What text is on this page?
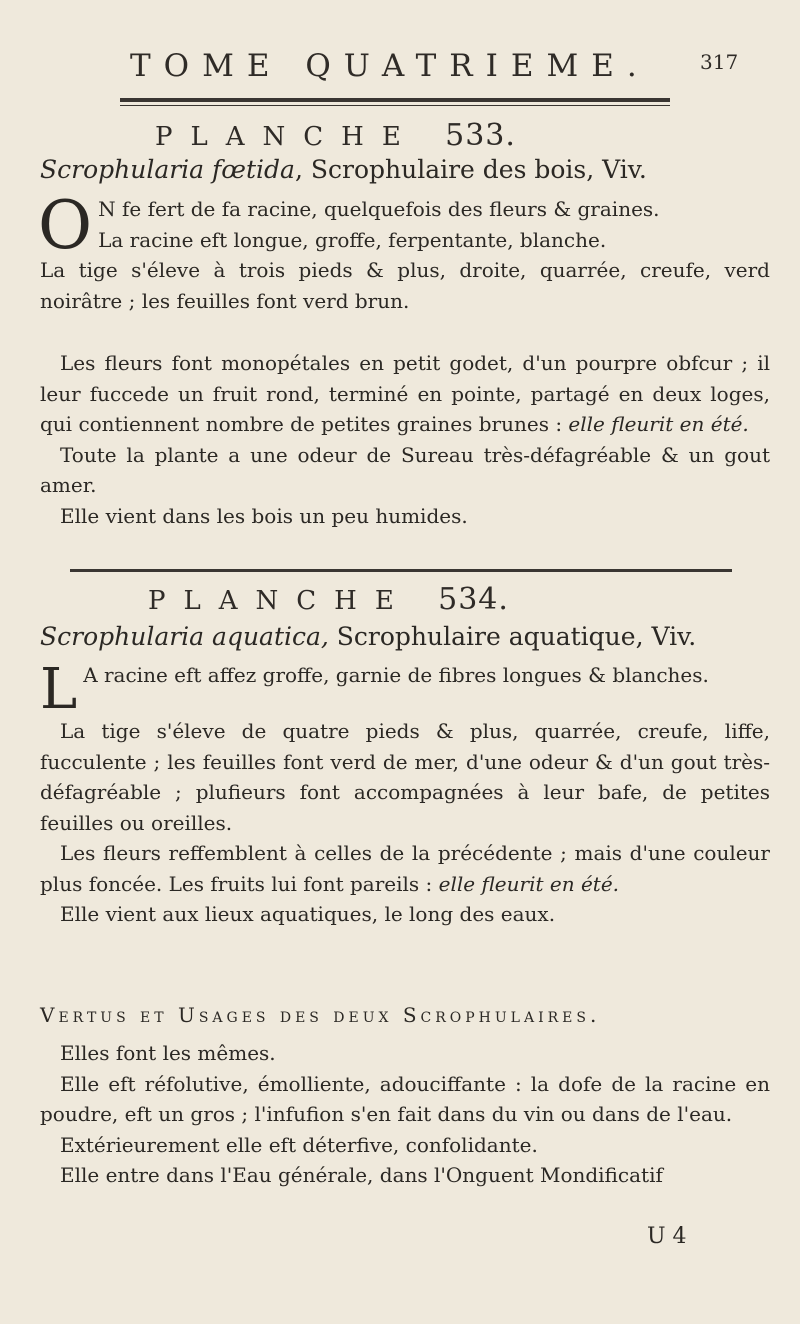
TOME QUATRIEME.	317
PLANCHE 533.
Scrophularia fœtida, Scrophulaire des bois, Viv.

O N fe fert de fa racine, quelquefois des fleurs & graines.
La racine eft longue, groffe, ferpentante, blanche.

La tige s'éleve à trois pieds & plus, droite, quarrée, creufe, verd noirâtre ; les feuilles font verd brun.

Les fleurs font monopétales en petit godet, d'un pourpre obfcur ; il leur fuccede un fruit rond, terminé en pointe, partagé en deux loges, qui contiennent nombre de petites graines brunes : elle fleurit en été.

Toute la plante a une odeur de Sureau très-défagréable & un gout amer.

Elle vient dans les bois un peu humides.

PLANCHE 534.
Scrophularia aquatica, Scrophulaire aquatique, Viv.

L A racine eft affez groffe, garnie de fibres longues & blanches.

La tige s'éleve de quatre pieds & plus, quarrée, creufe, liffe, fucculente ; les feuilles font verd de mer, d'une odeur & d'un gout très-défagréable ; plufieurs font accompagnées à leur bafe, de petites feuilles ou oreilles.

Les fleurs reffemblent à celles de la précédente ; mais d'une couleur plus foncée. Les fruits lui font pareils : elle fleurit en été.

Elle vient aux lieux aquatiques, le long des eaux.

Vertus et Usages des deux Scrophulaires.

Elles font les mêmes.

Elle eft réfolutive, émolliente, adouciffante : la dofe de la racine en poudre, eft un gros ; l'infufion s'en fait dans du vin ou dans de l'eau.

Extérieurement elle eft déterfive, confolidante.

Elle entre dans l'Eau générale, dans l'Onguent Mondificatif

U 4
